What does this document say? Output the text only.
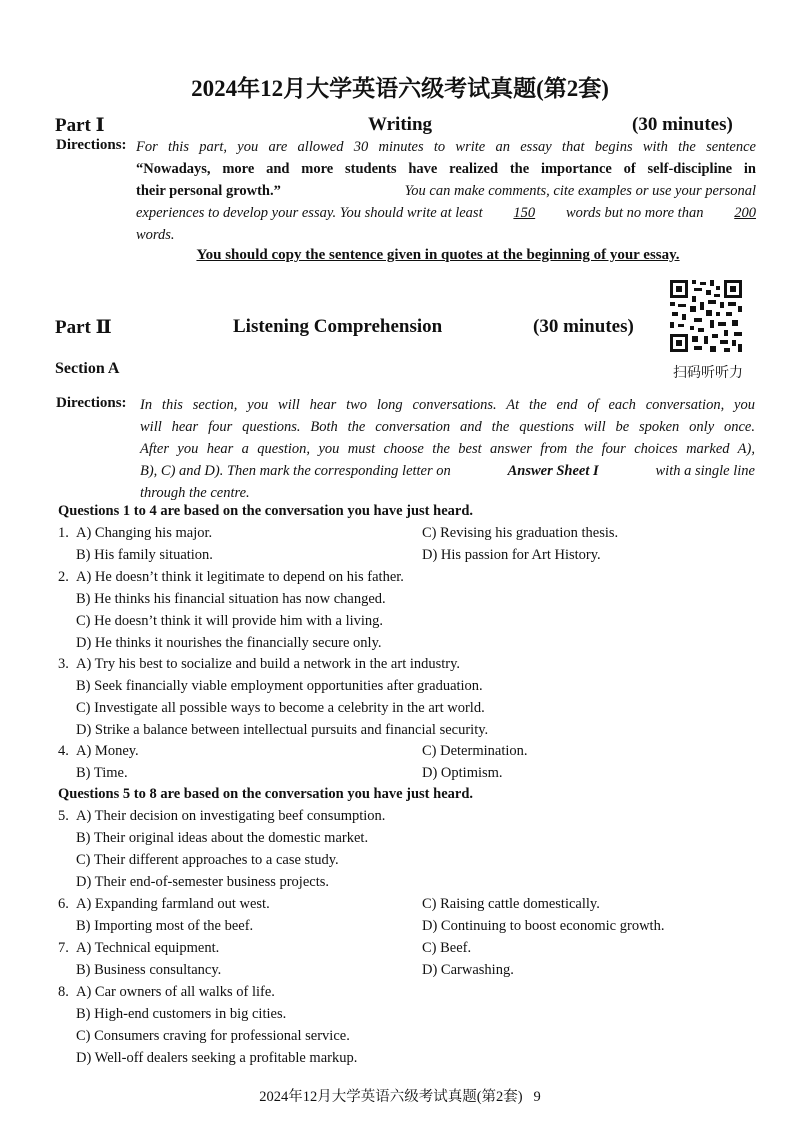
2024年12月大学英语六级考试真题(第2套)
Part Ⅰ	Writing	(30 minutes)
Directions: For this part, you are allowed 30 minutes to write an essay that begins with the sentence
“Nowadays, more and more students have realized the importance of self-discipline in
their personal growth.”	You can make comments, cite examples or use your personal
experiences to develop your essay. You should write at least 150 words but no more than 200
words.
You should copy the sentence given in quotes at the beginning of your essay.
扫码听听力
Part Ⅱ	Listening Comprehension	(30 minutes)
Section A
Directions: In this section, you will hear two long conversations. At the end of each conversation, you
will hear four questions. Both the conversation and the questions will be spoken only once.
After you hear a question, you must choose the best answer from the four choices marked A),
B), C) and D). Then mark the corresponding letter on	Answer Sheet I	with a single line
through the centre.
Questions 1 to 4 are based on the conversation you have just heard.
1. A) Changing his major.	C) Revising his graduation thesis.
B) His family situation.	D) His passion for Art History.
2. A) He doesn’t think it legitimate to depend on his father.
B) He thinks his financial situation has now changed.
C) He doesn’t think it will provide him with a living.
D) He thinks it nourishes the financially secure only.
3. A) Try his best to socialize and build a network in the art industry.
B) Seek financially viable employment opportunities after graduation.
C) Investigate all possible ways to become a celebrity in the art world.
D) Strike a balance between intellectual pursuits and financial security.
4. A) Money.	C) Determination.
B) Time.	D) Optimism.
Questions 5 to 8 are based on the conversation you have just heard.
5. A) Their decision on investigating beef consumption.
B) Their original ideas about the domestic market.
C) Their different approaches to a case study.
D) Their end-of-semester business projects.
6. A) Expanding farmland out west.	C) Raising cattle domestically.
B) Importing most of the beef.	D) Continuing to boost economic growth.
7. A) Technical equipment.	C) Beef.
B) Business consultancy.	D) Carwashing.
8. A) Car owners of all walks of life.
B) High-end customers in big cities.
C) Consumers craving for professional service.
D) Well-off dealers seeking a profitable markup.
2024年12月大学英语六级考试真题(第2套) 9
